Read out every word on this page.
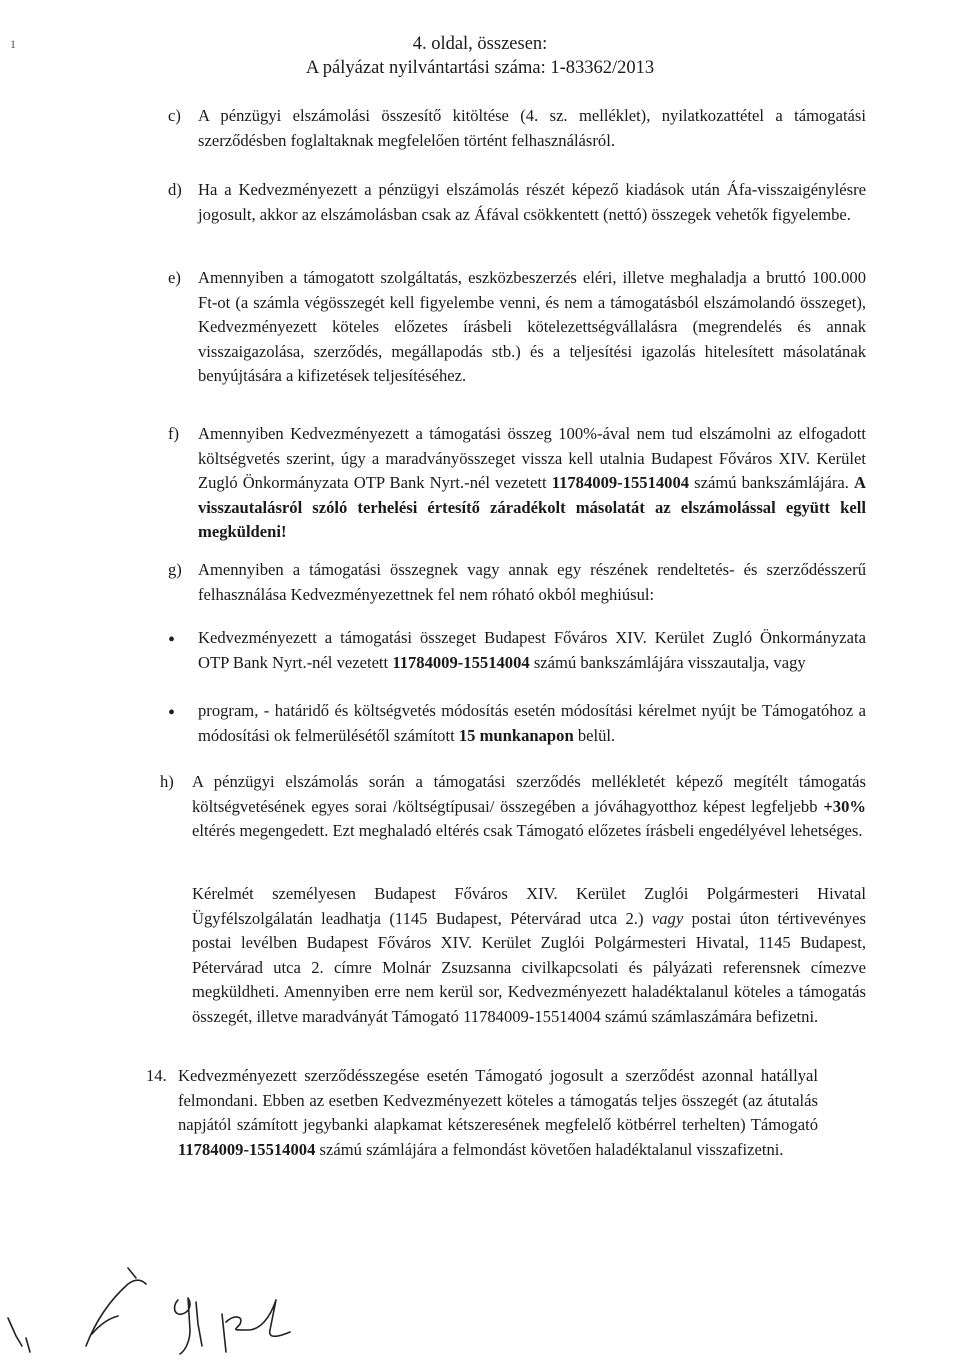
1	4. oldal, összesen:
A pályázat nyilvántartási száma: 1-83362/2013
c) A pénzügyi elszámolási összesítő kitöltése (4. sz. melléklet), nyilatkozattétel a támogatási szerződésben foglaltaknak megfelelően történt felhasználásról.

d) Ha a Kedvezményezett a pénzügyi elszámolás részét képező kiadások után Áfa-visszaigénylésre jogosult, akkor az elszámolásban csak az Áfával csökkentett (nettó) összegek vehetők figyelembe.

e) Amennyiben a támogatott szolgáltatás, eszközbeszerzés eléri, illetve meghaladja a bruttó 100.000 Ft-ot (a számla végösszegét kell figyelembe venni, és nem a támogatásból elszámolandó összeget), Kedvezményezett köteles előzetes írásbeli kötelezettségvállalásra (megrendelés és annak visszaigazolása, szerződés, megállapodás stb.) és a teljesítési igazolás hitelesített másolatának benyújtására a kifizetések teljesítéséhez.

f) Amennyiben Kedvezményezett a támogatási összeg 100%-ával nem tud elszámolni az elfogadott költségvetés szerint, úgy a maradványösszeget vissza kell utalnia Budapest Főváros XIV. Kerület Zugló Önkormányzata OTP Bank Nyrt.-nél vezetett 11784009-15514004 számú bankszámlájára. A visszautalásról szóló terhelési értesítő záradékolt másolatát az elszámolással együtt kell megküldeni!

g) Amennyiben a támogatási összegnek vagy annak egy részének rendeltetés- és szerződésszerű felhasználása Kedvezményezettnek fel nem róható okból meghiúsul:

• Kedvezményezett a támogatási összeget Budapest Főváros XIV. Kerület Zugló Önkormányzata OTP Bank Nyrt.-nél vezetett 11784009-15514004 számú bankszámlájára visszautalja, vagy

• program, - határidő és költségvetés módosítás esetén módosítási kérelmet nyújt be Támogatóhoz a módosítási ok felmerülésétől számított 15 munkanapon belül.

h) A pénzügyi elszámolás során a támogatási szerződés mellékletét képező megítélt támogatás költségvetésének egyes sorai /költségtípusai/ összegében a jóváhagyotthoz képest legfeljebb +30% eltérés megengedett. Ezt meghaladó eltérés csak Támogató előzetes írásbeli engedélyével lehetséges.

Kérelmét személyesen Budapest Főváros XIV. Kerület Zuglói Polgármesteri Hivatal Ügyfélszolgálatán leadhatja (1145 Budapest, Pétervárad utca 2.) vagy postai úton tértivevényes postai levélben Budapest Főváros XIV. Kerület Zuglói Polgármesteri Hivatal, 1145 Budapest, Pétervárad utca 2. címre Molnár Zsuzsanna civilkapcsolati és pályázati referensnek címezve megküldheti. Amennyiben erre nem kerül sor, Kedvezményezett haladéktalanul köteles a támogatás összegét, illetve maradványát Támogató 11784009-15514004 számú számlaszámára befizetni.

14. Kedvezményezett szerződésszegése esetén Támogató jogosult a szerződést azonnal hatállyal felmondani. Ebben az esetben Kedvezményezett köteles a támogatás teljes összegét (az átutalás napjától számított jegybanki alapkamat kétszeresének megfelelő kötbérrel terhelten) Támogató 11784009-15514004 számú számlájára a felmondást követően haladéktalanul visszafizetni.
